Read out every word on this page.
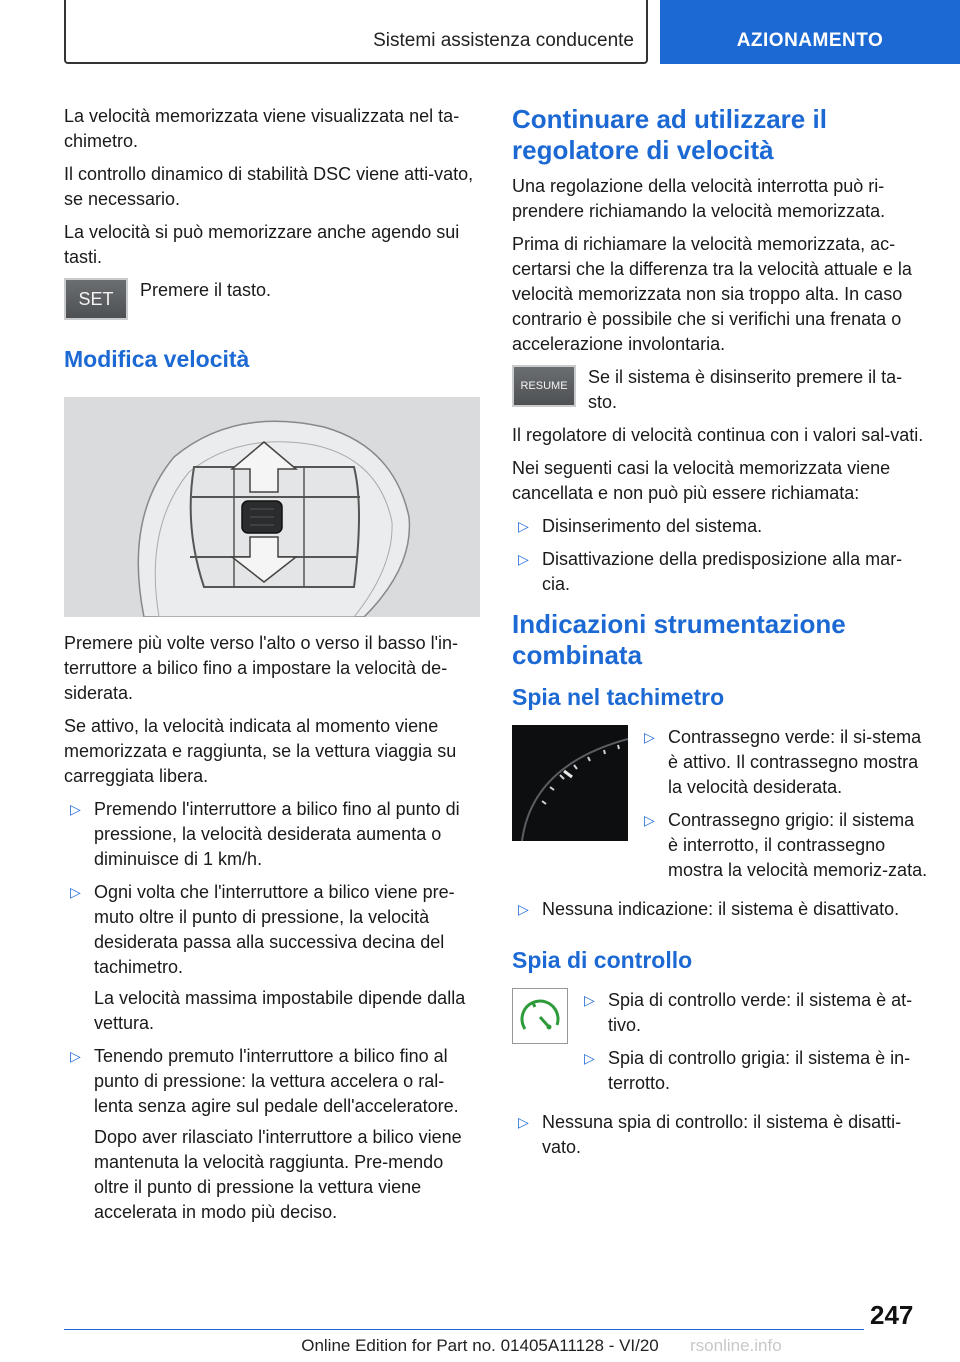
Sistemi assistenza conducente	AZIONAMENTO

La velocità memorizzata viene visualizzata nel ta-chimetro.

Il controllo dinamico di stabilità DSC viene atti-vato, se necessario.

La velocità si può memorizzare anche agendo sui tasti.

SET Premere il tasto.
Modifica velocità

Premere più volte verso l'alto o verso il basso l'in-terruttore a bilico fino a impostare la velocità de-siderata.

Se attivo, la velocità indicata al momento viene memorizzata e raggiunta, se la vettura viaggia su carreggiata libera.

▷ Premendo l'interruttore a bilico fino al punto di pressione, la velocità desiderata aumenta o diminuisce di 1 km/h.
▷ Ogni volta che l'interruttore a bilico viene pre-muto oltre il punto di pressione, la velocità desiderata passa alla successiva decina del tachimetro.

La velocità massima impostabile dipende dalla vettura.

▷ Tenendo premuto l'interruttore a bilico fino al punto di pressione: la vettura accelera o ral-lenta senza agire sul pedale dell'acceleratore.

Dopo aver rilasciato l'interruttore a bilico viene mantenuta la velocità raggiunta. Pre-mendo oltre il punto di pressione la vettura viene accelerata in modo più deciso.

Continuare ad utilizzare il regolatore di velocità

Una regolazione della velocità interrotta può ri-prendere richiamando la velocità memorizzata.

Prima di richiamare la velocità memorizzata, ac-certarsi che la differenza tra la velocità attuale e la velocità memorizzata non sia troppo alta. In caso contrario è possibile che si verifichi una frenata o accelerazione involontaria.

RESUME Se il sistema è disinserito premere il ta-sto.

Il regolatore di velocità continua con i valori sal-vati.

Nei seguenti casi la velocità memorizzata viene cancellata e non può più essere richiamata:

▷ Disinserimento del sistema.
▷ Disattivazione della predisposizione alla mar-cia.
Indicazioni strumentazione combinata
Spia nel tachimetro
▷ Contrassegno verde: il si-stema è attivo. Il contrassegno mostra la velocità desiderata.
▷ Contrassegno grigio: il sistema è interrotto, il contrassegno mostra la velocità memoriz-zata.
▷ Nessuna indicazione: il sistema è disattivato.
Spia di controllo
▷ Spia di controllo verde: il sistema è at-tivo.
▷ Spia di controllo grigia: il sistema è in-terrotto.
▷ Nessuna spia di controllo: il sistema è disatti-vato.
247
Online Edition for Part no. 01405A11128 - VI/20	rsonline.info
